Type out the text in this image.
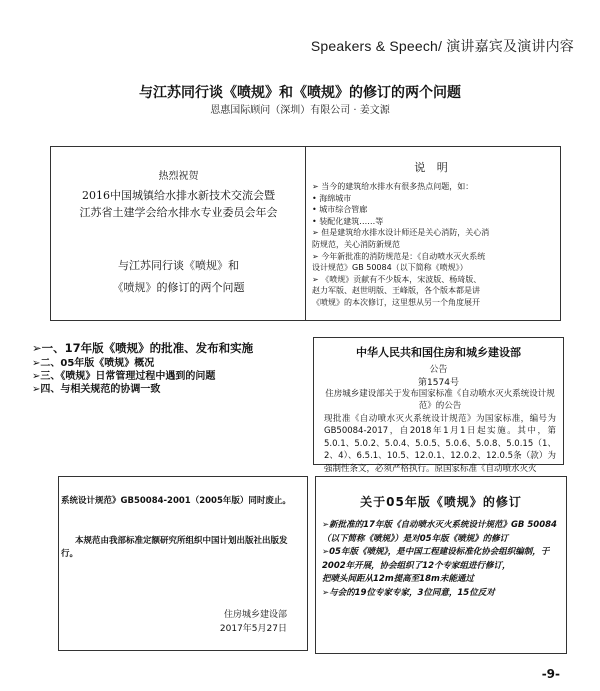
Speakers & Speech/ 演讲嘉宾及演讲内容
与江苏同行谈《喷规》和《喷规》的修订的两个问题
恩惠国际顾问（深圳）有限公司 · 姜文源
热烈祝贺
2016中国城镇给水排水新技术交流会暨
江苏省土建学会给水排水专业委员会年会
与江苏同行谈《喷规》和
《喷规》的修订的两个问题
说 明
➢ 当今的建筑给水排水有很多热点问题，如：
• 海绵城市
• 城市综合管廊
• 装配化建筑……等
➢ 但是建筑给水排水设计师还是关心消防，关心消
防规范，关心消防新规范
➢ 今年新批准的消防规范是：《自动喷水灭火系统
设计规范》GB 50084（以下简称《喷规》）
➢ 《喷规》贡献有不少版本，宋波版、杨琦版、
赵力军版、赵世明版、王峰版，各个版本都是讲
《喷规》的本次修订，这里想从另一个角度展开
➢一、17年版《喷规》的批准、发布和实施
➢二、05年版《喷规》概况
➢三、《喷规》日常管理过程中遇到的问题
➢四、与相关规范的协调一致
中华人民共和国住房和城乡建设部
公告
第1574号
住房城乡建设部关于发布国家标准《自动喷水灭火系统设计规范》的公告
现批准《自动喷水灭火系统设计规范》为国家标准，编号为GB50084-2017，自2018年1月1日起实施。其中，第5.0.1、5.0.2、5.0.4、5.0.5、5.0.6、5.0.8、5.0.15（1、2、4）、6.5.1、10.5、12.0.1、12.0.2、12.0.5条（款）为强制性条文，必须严格执行。原国家标准《自动喷水灭火
系统设计规范》GB50084-2001（2005年版）同时废止。
本规范由我部标准定额研究所组织中国计划出版社出版发行。
住房城乡建设部
2017年5月27日
关于05年版《喷规》的修订
➢新批准的17年版《自动喷水灭火系统设计规范》GB 50084（以下简称《喷规》）是对05年版《喷规》的修订
➢05年版《喷规》，是中国工程建设标准化协会组织编制，于2002年开展，协会组织了12个专家组进行修订，
把喷头间距从12m提高至18m未能通过
➢与会的19位专家专家，3位同意，15位反对
-9-
